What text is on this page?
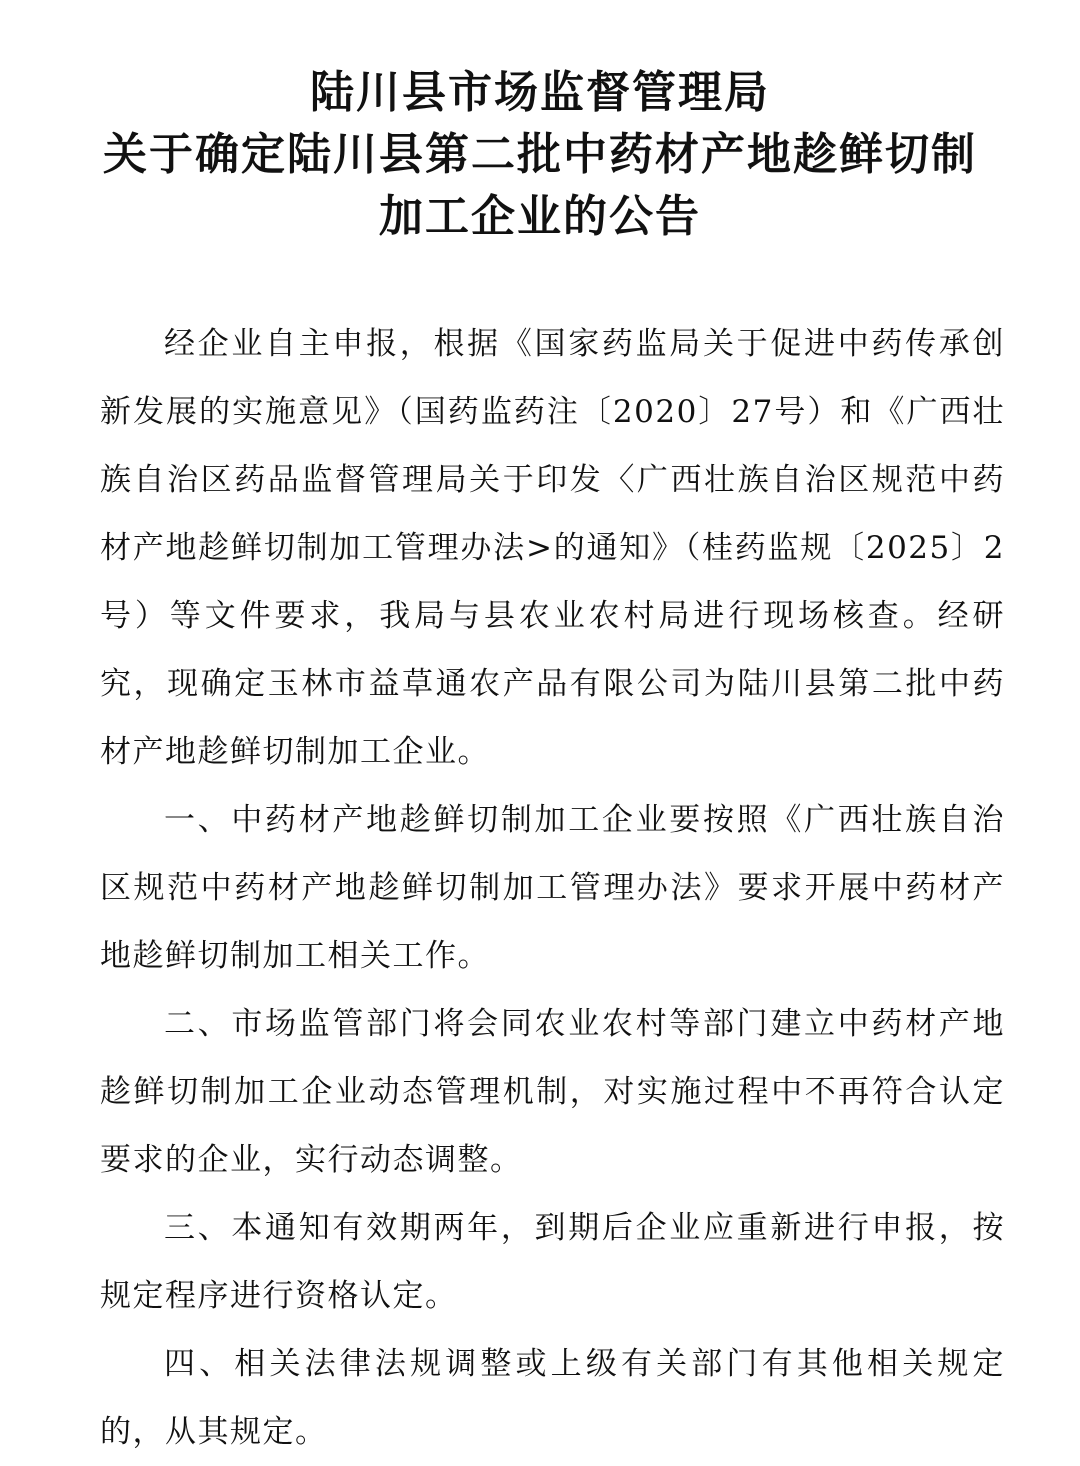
陆川县市场监督管理局
关于确定陆川县第二批中药材产地趁鲜切制
加工企业的公告

经企业自主申报，根据《国家药监局关于促进中药传承创新发展的实施意见》（国药监药注〔2020〕27号）和《广西壮族自治区药品监督管理局关于印发〈广西壮族自治区规范中药材产地趁鲜切制加工管理办法>的通知》（桂药监规〔2025〕2号）等文件要求，我局与县农业农村局进行现场核查。经研究，现确定玉林市益草通农产品有限公司为陆川县第二批中药材产地趁鲜切制加工企业。

一、中药材产地趁鲜切制加工企业要按照《广西壮族自治区规范中药材产地趁鲜切制加工管理办法》要求开展中药材产地趁鲜切制加工相关工作。

二、市场监管部门将会同农业农村等部门建立中药材产地趁鲜切制加工企业动态管理机制，对实施过程中不再符合认定要求的企业，实行动态调整。

三、本通知有效期两年，到期后企业应重新进行申报，按规定程序进行资格认定。

四、相关法律法规调整或上级有关部门有其他相关规定的，从其规定。
